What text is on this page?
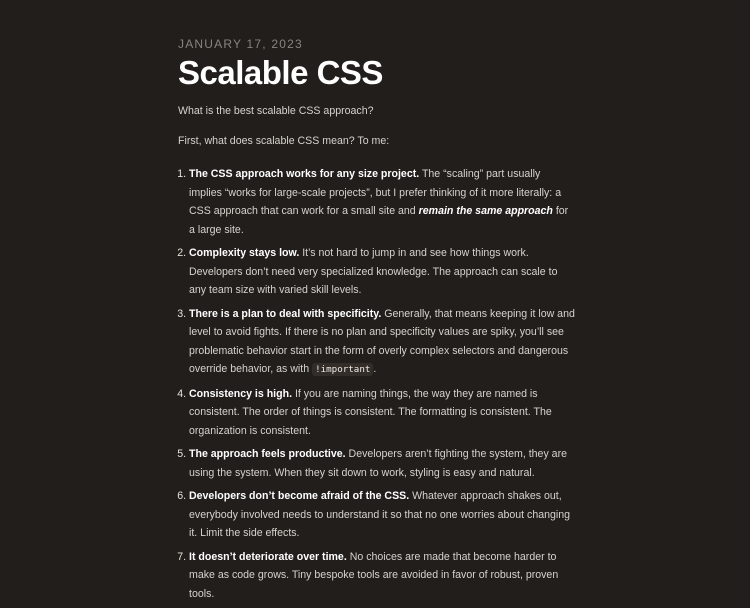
JANUARY 17, 2023
Scalable CSS

What is the best scalable CSS approach?

First, what does scalable CSS mean? To me:

1. The CSS approach works for any size project. The “scaling” part usually implies “works for large-scale projects”, but I prefer thinking of it more literally: a CSS approach that can work for a small site and remain the same approach for a large site.
2. Complexity stays low. It’s not hard to jump in and see how things work. Developers don’t need very specialized knowledge. The approach can scale to any team size with varied skill levels.
3. There is a plan to deal with specificity. Generally, that means keeping it low and level to avoid fights. If there is no plan and specificity values are spiky, you’ll see problematic behavior start in the form of overly complex selectors and dangerous override behavior, as with !important .
4. Consistency is high. If you are naming things, the way they are named is consistent. The order of things is consistent. The formatting is consistent. The organization is consistent.
5. The approach feels productive. Developers aren’t fighting the system, they are using the system. When they sit down to work, styling is easy and natural.
6. Developers don’t become afraid of the CSS. Whatever approach shakes out, everybody involved needs to understand it so that no one worries about changing it. Limit the side effects.
7. It doesn’t deteriorate over time. No choices are made that become harder to make as code grows. Tiny bespoke tools are avoided in favor of robust, proven tools.
